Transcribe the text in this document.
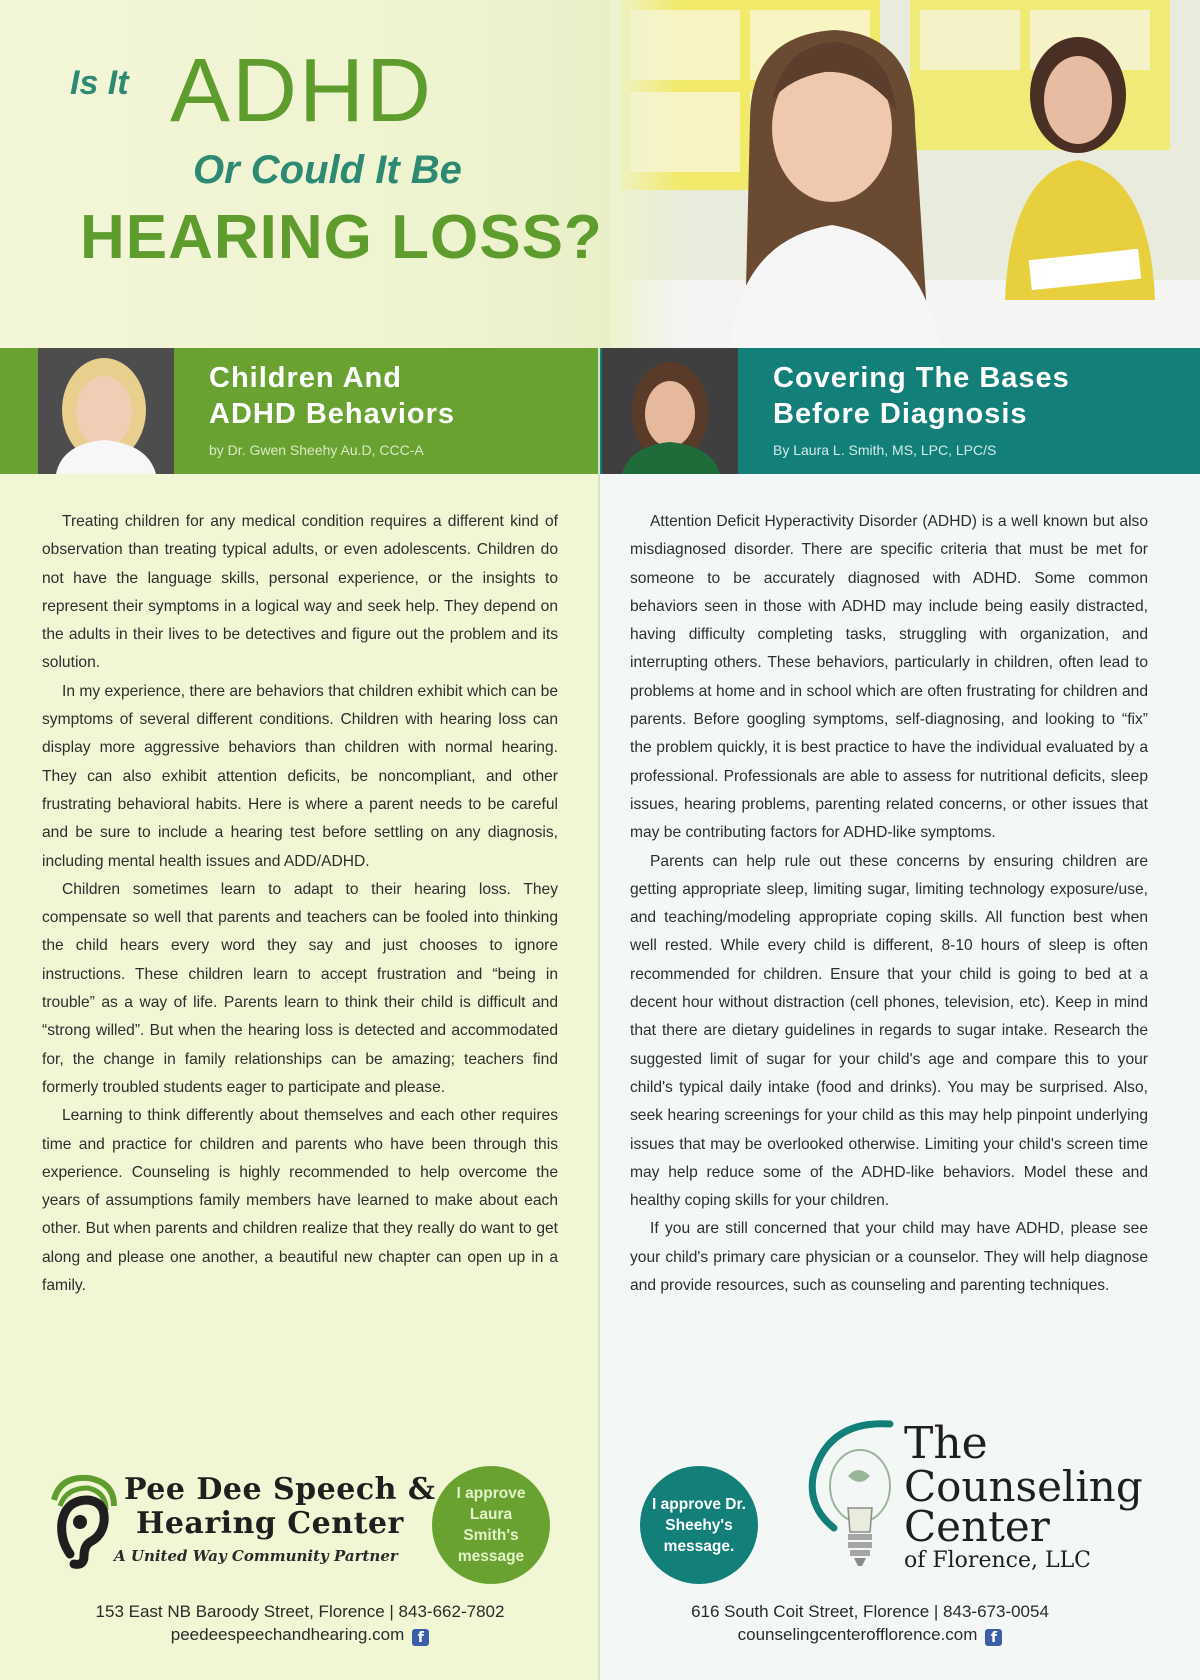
Is It ADHD
Or Could It Be
HEARING LOSS?
Children And
ADHD Behaviors
by Dr. Gwen Sheehy Au.D, CCC-A
Covering The Bases
Before Diagnosis
By Laura L. Smith, MS, LPC, LPC/S

Treating children for any medical condition requires a different kind of observation than treating typical adults, or even adolescents. Children do not have the language skills, personal experience, or the insights to represent their symptoms in a logical way and seek help. They depend on the adults in their lives to be detectives and figure out the problem and its solution.

In my experience, there are behaviors that children exhibit which can be symptoms of several different conditions. Children with hearing loss can display more aggressive behaviors than children with normal hearing. They can also exhibit attention deficits, be noncompliant, and other frustrating behavioral habits. Here is where a parent needs to be careful and be sure to include a hearing test before settling on any diagnosis, including mental health issues and ADD/ADHD.

Children sometimes learn to adapt to their hearing loss. They compensate so well that parents and teachers can be fooled into thinking the child hears every word they say and just chooses to ignore instructions. These children learn to accept frustration and “being in trouble” as a way of life. Parents learn to think their child is difficult and “strong willed”. But when the hearing loss is detected and accommodated for, the change in family relationships can be amazing; teachers find formerly troubled students eager to participate and please.

Learning to think differently about themselves and each other requires time and practice for children and parents who have been through this experience. Counseling is highly recommended to help overcome the years of assumptions family members have learned to make about each other. But when parents and children realize that they really do want to get along and please one another, a beautiful new chapter can open up in a family.

Attention Deficit Hyperactivity Disorder (ADHD) is a well known but also misdiagnosed disorder. There are specific criteria that must be met for someone to be accurately diagnosed with ADHD. Some common behaviors seen in those with ADHD may include being easily distracted, having difficulty completing tasks, struggling with organization, and interrupting others. These behaviors, particularly in children, often lead to problems at home and in school which are often frustrating for children and parents. Before googling symptoms, self-diagnosing, and looking to “fix” the problem quickly, it is best practice to have the individual evaluated by a professional. Professionals are able to assess for nutritional deficits, sleep issues, hearing problems, parenting related concerns, or other issues that may be contributing factors for ADHD-like symptoms.

Parents can help rule out these concerns by ensuring children are getting appropriate sleep, limiting sugar, limiting technology exposure/use, and teaching/modeling appropriate coping skills. All function best when well rested. While every child is different, 8-10 hours of sleep is often recommended for children. Ensure that your child is going to bed at a decent hour without distraction (cell phones, television, etc). Keep in mind that there are dietary guidelines in regards to sugar intake. Research the suggested limit of sugar for your child's age and compare this to your child's typical daily intake (food and drinks). You may be surprised. Also, seek hearing screenings for your child as this may help pinpoint underlying issues that may be overlooked otherwise. Limiting your child's screen time may help reduce some of the ADHD-like behaviors. Model these and healthy coping skills for your children.

If you are still concerned that your child may have ADHD, please see your child's primary care physician or a counselor. They will help diagnose and provide resources, such as counseling and parenting techniques.

Pee Dee Speech &
Hearing Center
A United Way Community Partner
I approve Laura Smith's message
153 East NB Baroody Street, Florence | 843-662-7802
peedeespeechandhearing.com f
I approve Dr. Sheehy's message.
The
Counseling
Center
of Florence, LLC
616 South Coit Street, Florence | 843-673-0054
counselingcenterofflorence.com f
